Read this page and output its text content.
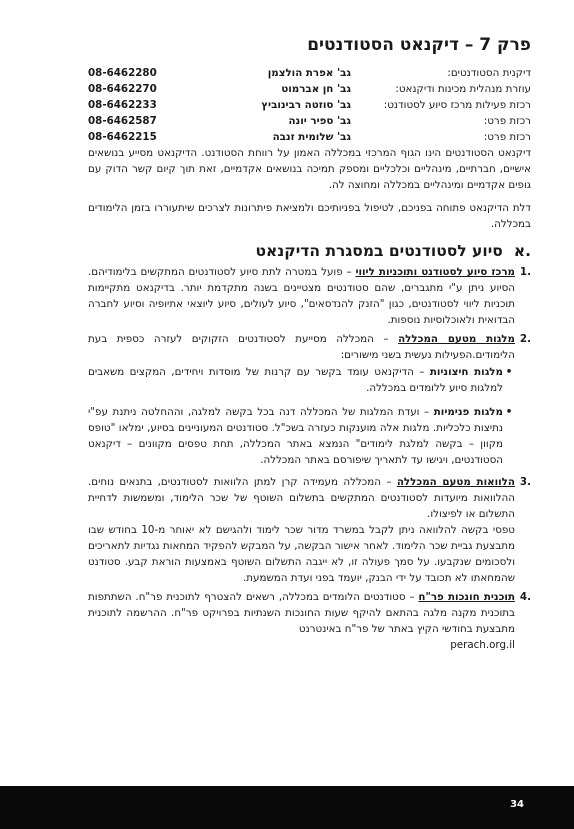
פרק 7 – דיקנאט הסטודנטים
דיקנית הסטודנטים:
גב' אפרת הולצמן
08-6462280
עוזרת מנהלית מכינות ודיקנאט:
גב' חן אברמוט
08-6462270
רכזת פעילות מרכז סיוע לסטודנט:
גב' סוזטה רבינוביץ
08-6462233
רכזת פרט:
גב' ספיר יונה
08-6462587
רכזת פרט:
גב' שלומית זנבה
08-6462215

דיקנאט הסטודנטים הינו הגוף המרכזי במכללה האמון על רווחת הסטודנט. הדיקנאט מסייע בנושאים אישיים, חברתיים, מינהליים וכלכליים ומספק תמיכה בנושאים אקדמיים, זאת תוך קיום קשר הדוק עם גופים אקדמיים ומינהליים במכללה ומחוצה לה.

דלת הדיקנאט פתוחה בפניכם, לטיפול בפניותיכם ולמציאת פיתרונות לצרכים שיתעוררו בזמן הלימודים במכללה.

א.
סיוע לסטודנטים במסגרת הדיקנאט
1.
מרכז סיוע לסטודנט ותוכניות ליווי – פועל במטרה לתת סיוע לסטודנטים המתקשים בלימודיהם. הסיוע ניתן ע"י מתגברים, שהם סטודנטים מצטיינים בשנה מתקדמת יותר. בדיקנאט מתקיימות תוכניות ליווי לסטודנטים, כגון "הזנק להנדסאים", סיוע לעולים, סיוע ליוצאי אתיופיה וסיוע לחברה הבדואית ולאוכלוסיות נוספות.
2.
מלגות מטעם המכללה – המכללה מסייעת לסטודנטים הזקוקים לעזרה כספית בעת הלימודים.הפעילות נעשית בשני מישורים:
•
מלגות חיצוניות – הדיקנאט עומד בקשר עם קרנות של מוסדות ויחידים, המקצים משאבים למלגות סיוע ללומדים במכללה.
•
מלגות פנימיות – ועדת המלגות של המכללה דנה בכל בקשה למלגה, וההחלטה ניתנת עפ"י נתיצות כלכליות. מלגות אלה מוענקות כעזרה בשכ"ל. סטודנטים המעוניינים בסיוע, ימלאו "טופס מקוון – בקשה למלגת לימודים" הנמצא באתר המכללה, תחת טפסים מקוונים – דיקנאט הסטודנטים, ויגישו עד לתאריך שיפורסם באתר המכללה.
3.
הלוואות מטעם המכללה – המכללה מעמידה קרן למתן הלוואות לסטודנטים, בתנאים נוחים. ההלוואות מיועדות לסטודנטים המתקשים בתשלום השוטף של שכר הלימוד, ומשמשות לדחיית התשלום או לפיצולו.
טפסי בקשה להלוואה ניתן לקבל במשרד מדור שכר לימוד ולהגישם לא יאוחר מ-10 בחודש שבו מתבצעת גביית שכר הלימוד. לאחר אישור הבקשה, על המבקש להפקיד המחאות נגדיות לתאריכים ולסכומים שנקבעו. על סמך פעולה זו, לא ייגבה התשלום השוטף באמצעות הוראת קבע. סטודנט שהמחאתו לא תכובד על ידי הבנק, יועמד בפני ועדת המשמעת.
4.
תוכנית חונכות פר"ח – סטודנטים הלומדים במכללה, רשאים להצטרף לתוכנית פר"ח. השתתפות בתוכנית מקנה מלגה בהתאם להיקף שעות החונכות השנתיות בפרויקט פר"ח. ההרשמה לתוכנית מתבצעת בחודשי הקיץ באתר של פר"ח באינטרנט
perach.org.il
34
